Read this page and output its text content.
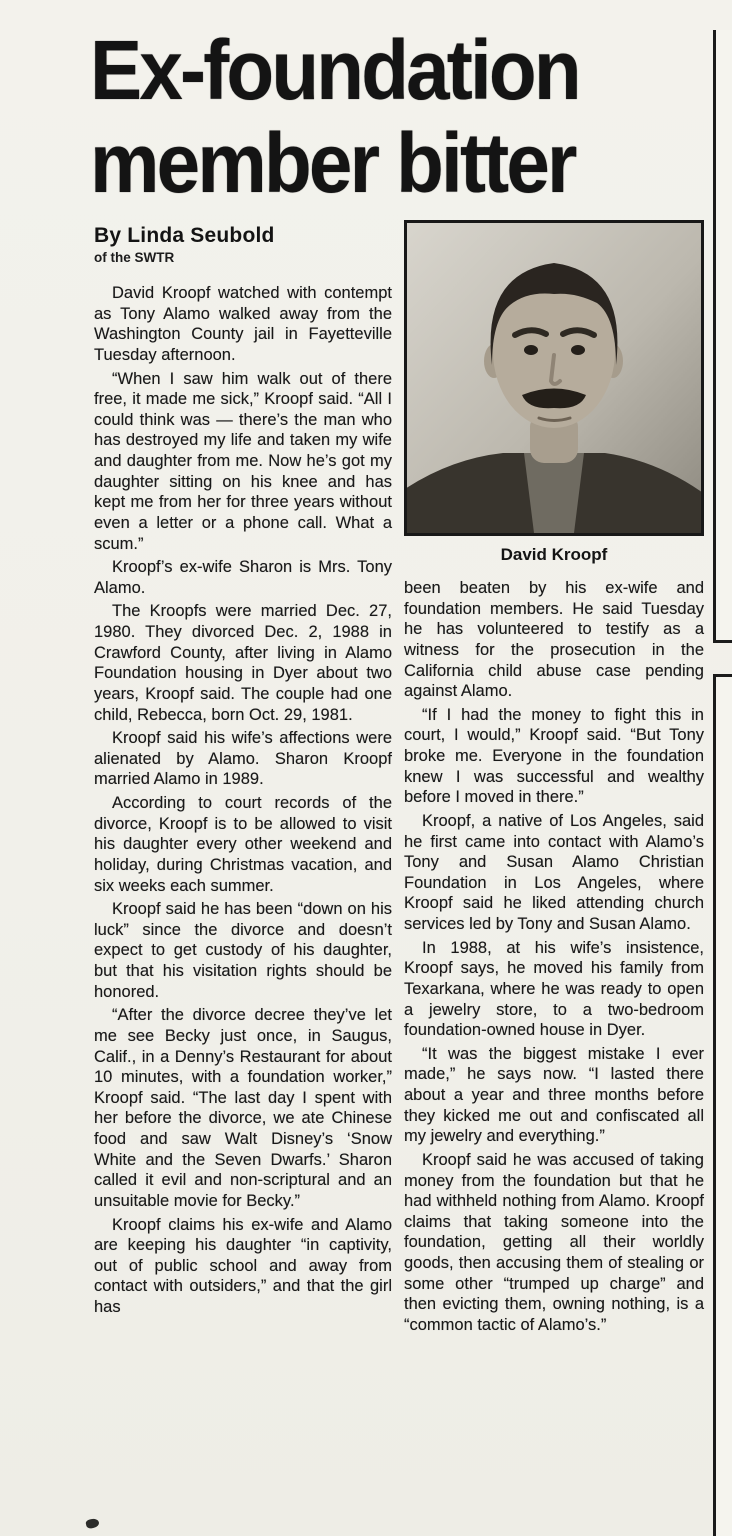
Ex-foundation
member bitter
By Linda Seubold
of the SWTR

David Kroopf watched with contempt as Tony Alamo walked away from the Washington County jail in Fayetteville Tuesday afternoon.

“When I saw him walk out of there free, it made me sick,” Kroopf said. “All I could think was — there’s the man who has destroyed my life and taken my wife and daughter from me. Now he’s got my daughter sitting on his knee and has kept me from her for three years without even a letter or a phone call. What a scum.”

Kroopf’s ex-wife Sharon is Mrs. Tony Alamo.

The Kroopfs were married Dec. 27, 1980. They divorced Dec. 2, 1988 in Crawford County, after living in Alamo Foundation housing in Dyer about two years, Kroopf said. The couple had one child, Rebecca, born Oct. 29, 1981.

Kroopf said his wife’s affections were alienated by Alamo. Sharon Kroopf married Alamo in 1989.

According to court records of the divorce, Kroopf is to be allowed to visit his daughter every other weekend and holiday, during Christmas vacation, and six weeks each summer.

Kroopf said he has been “down on his luck” since the divorce and doesn’t expect to get custody of his daughter, but that his visitation rights should be honored.

“After the divorce decree they’ve let me see Becky just once, in Saugus, Calif., in a Denny’s Restaurant for about 10 minutes, with a foundation worker,” Kroopf said. “The last day I spent with her before the divorce, we ate Chinese food and saw Walt Disney’s ‘Snow White and the Seven Dwarfs.’ Sharon called it evil and non-scriptural and an unsuitable movie for Becky.”

Kroopf claims his ex-wife and Alamo are keeping his daughter “in captivity, out of public school and away from contact with outsiders,” and that the girl has

David Kroopf

been beaten by his ex-wife and foundation members. He said Tuesday he has volunteered to testify as a witness for the prosecution in the California child abuse case pending against Alamo.

“If I had the money to fight this in court, I would,” Kroopf said. “But Tony broke me. Everyone in the foundation knew I was successful and wealthy before I moved in there.”

Kroopf, a native of Los Angeles, said he first came into contact with Alamo’s Tony and Susan Alamo Christian Foundation in Los Angeles, where Kroopf said he liked attending church services led by Tony and Susan Alamo.

In 1988, at his wife’s insistence, Kroopf says, he moved his family from Texarkana, where he was ready to open a jewelry store, to a two-bedroom foundation-owned house in Dyer.

“It was the biggest mistake I ever made,” he says now. “I lasted there about a year and three months before they kicked me out and confiscated all my jewelry and everything.”

Kroopf said he was accused of taking money from the foundation but that he had withheld nothing from Alamo. Kroopf claims that taking someone into the foundation, getting all their worldly goods, then accusing them of stealing or some other “trumped up charge” and then evicting them, owning nothing, is a “common tactic of Alamo’s.”
